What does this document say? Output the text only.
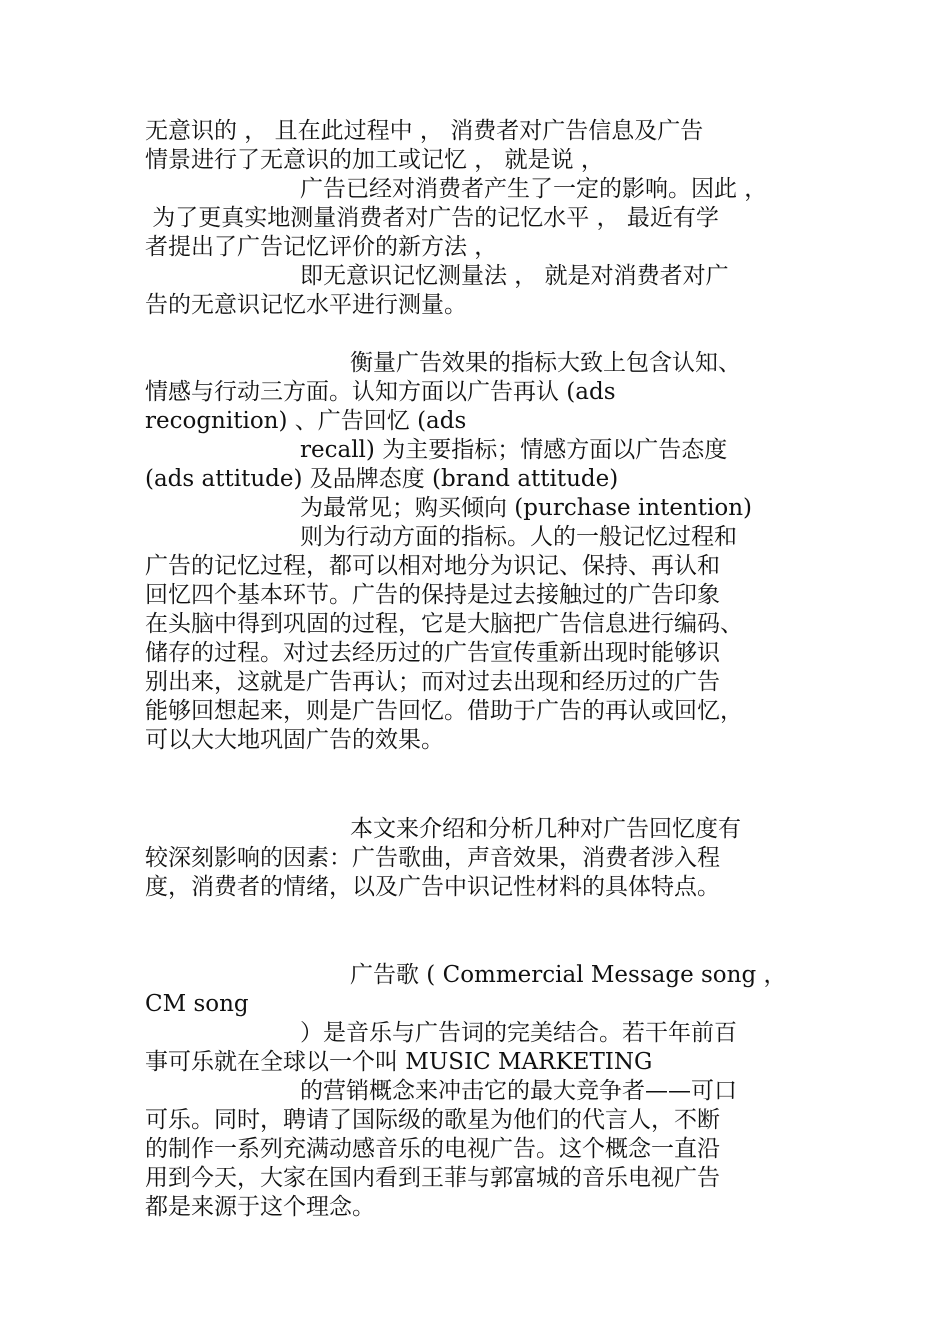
无意识的 ， 且在此过程中 ， 消费者对广告信息及广告
情景进行了无意识的加工或记忆 ， 就是说 ，
广告已经对消费者产生了一定的影响。因此 ，
为了更真实地测量消费者对广告的记忆水平 ， 最近有学
者提出了广告记忆评价的新方法 ，
即无意识记忆测量法 ， 就是对消费者对广
告的无意识记忆水平进行测量。
衡量广告效果的指标大致上包含认知、
情感与行动三方面。认知方面以广告再认 (ads
recognition) 、广告回忆 (ads
recall) 为主要指标；情感方面以广告态度
(ads attitude) 及品牌态度 (brand attitude)
为最常见；购买倾向 (purchase intention)
则为行动方面的指标。人的一般记忆过程和
广告的记忆过程，都可以相对地分为识记、保持、再认和
回忆四个基本环节。广告的保持是过去接触过的广告印象
在头脑中得到巩固的过程，它是大脑把广告信息进行编码、
储存的过程。对过去经历过的广告宣传重新出现时能够识
别出来，这就是广告再认；而对过去出现和经历过的广告
能够回想起来，则是广告回忆。借助于广告的再认或回忆，
可以大大地巩固广告的效果。
本文来介绍和分析几种对广告回忆度有
较深刻影响的因素：广告歌曲，声音效果，消费者涉入程
度，消费者的情绪，以及广告中识记性材料的具体特点。
广告歌 ( Commercial Message song ，
CM song
）是音乐与广告词的完美结合。若干年前百
事可乐就在全球以一个叫 MUSIC MARKETING
的营销概念来冲击它的最大竞争者——可口
可乐。同时，聘请了国际级的歌星为他们的代言人，不断
的制作一系列充满动感音乐的电视广告。这个概念一直沿
用到今天，大家在国内看到王菲与郭富城的音乐电视广告
都是来源于这个理念。
